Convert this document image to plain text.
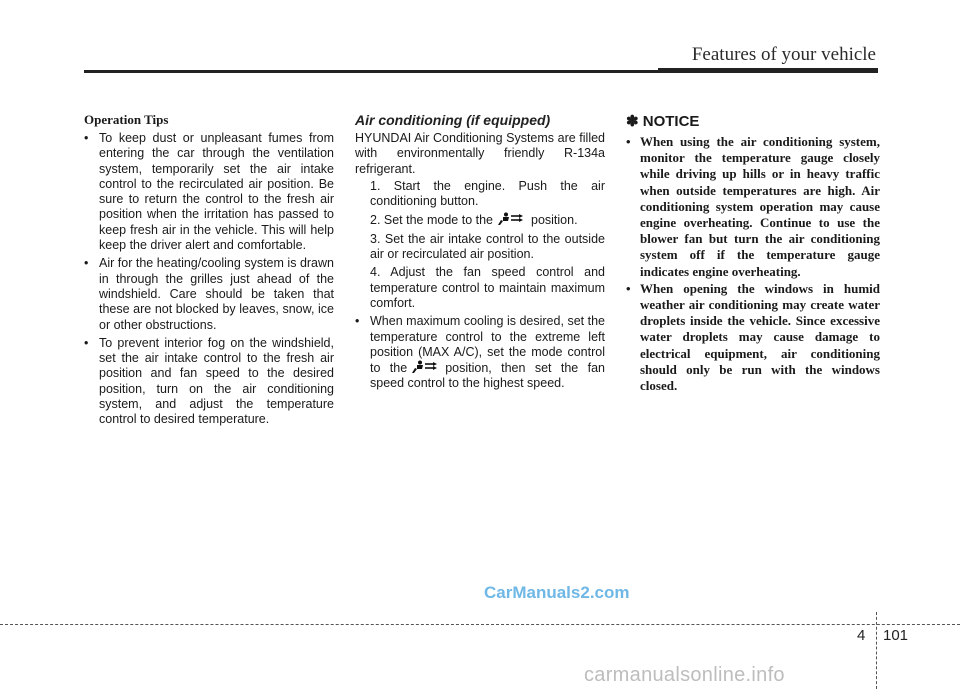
Features of your vehicle
Operation Tips
• To keep dust or unpleasant fumes from entering the car through the ventilation system, temporarily set the air intake control to the recirculated air position. Be sure to return the control to the fresh air position when the irritation has passed to keep fresh air in the vehicle. This will help keep the driver alert and comfortable.
• Air for the heating/cooling system is drawn in through the grilles just ahead of the windshield. Care should be taken that these are not blocked by leaves, snow, ice or other obstructions.
• To prevent interior fog on the windshield, set the air intake control to the fresh air position and fan speed to the desired position, turn on the air conditioning system, and adjust the temperature control to desired temperature.
Air conditioning (if equipped)
HYUNDAI Air Conditioning Systems are filled with environmentally friendly R-134a refrigerant.
1. Start the engine. Push the air conditioning button.
2. Set the mode to the	position.
3. Set the air intake control to the outside air or recirculated air position.
4. Adjust the fan speed control and temperature control to maintain maximum comfort.
• When maximum cooling is desired, set the temperature control to the extreme left position (MAX A/C), set the mode control to the	position, then set the fan speed control to the highest speed.
✽ NOTICE
• When using the air conditioning system, monitor the temperature gauge closely while driving up hills or in heavy traffic when outside temperatures are high. Air conditioning system operation may cause engine overheating. Continue to use the blower fan but turn the air conditioning system off if the temperature gauge indicates engine overheating.
• When opening the windows in humid weather air conditioning may create water droplets inside the vehicle. Since excessive water droplets may cause damage to electrical equipment, air conditioning should only be run with the windows closed.
CarManuals2.com
4 101
carmanualsonline.info
